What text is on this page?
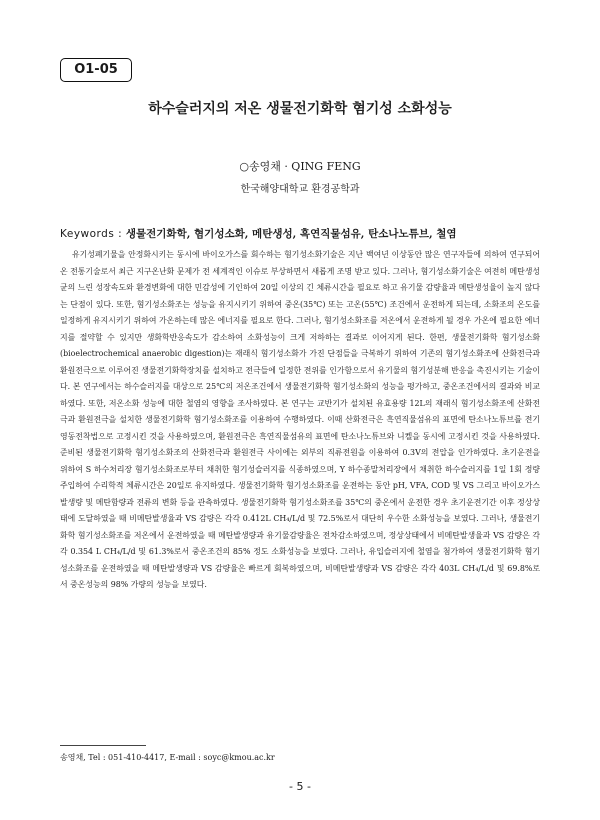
O1-05
하수슬러지의 저온 생물전기화학 혐기성 소화성능
○송영채 · QING FENG
한국해양대학교 환경공학과
Keywords : 생물전기화학, 혐기성소화, 메탄생성, 흑연직물섬유, 탄소나노튜브, 철염

유기성폐기물을 안정화시키는 동시에 바이오가스를 회수하는 혐기성소화기술은 지난 백여년 이상동안 많은 연구자들에 의하여 연구되어 온 전통기술로서 최근 지구온난화 문제가 전 세계적인 이슈로 부상하면서 새롭게 조명 받고 있다. 그러나, 혐기성소화기술은 여전히 메탄생성균의 느린 성장속도와 환경변화에 대한 민감성에 기인하여 20일 이상의 긴 체류시간을 필요로 하고 유기물 감량율과 메탄생성율이 높지 않다는 단점이 있다. 또한, 혐기성소화조는 성능을 유지시키기 위하여 중온(35℃) 또는 고온(55℃) 조건에서 운전하게 되는데, 소화조의 온도를 일정하게 유지시키기 위하여 가온하는데 많은 에너지를 필요로 한다. 그러나, 혐기성소화조를 저온에서 운전하게 될 경우 가온에 필요한 에너지를 절약할 수 있지만 생화학반응속도가 감소하여 소화성능이 크게 저하하는 결과로 이어지게 된다. 한편, 생물전기화학 혐기성소화(bioelectrochemical anaerobic digestion)는 재래식 혐기성소화가 가진 단점들을 극복하기 위하여 기존의 혐기성소화조에 산화전극과 환원전극으로 이루어진 생물전기화학장치를 설치하고 전극들에 일정한 전위를 인가함으로서 유기물의 혐기성분해 반응을 촉진시키는 기술이다. 본 연구에서는 하수슬러지를 대상으로 25℃의 저온조건에서 생물전기화학 혐기성소화의 성능을 평가하고, 중온조건에서의 결과와 비교하였다. 또한, 저온소화 성능에 대한 철염의 영향을 조사하였다. 본 연구는 교반기가 설치된 유효용량 12L의 재래식 혐기성소화조에 산화전극과 환원전극을 설치한 생물전기화학 혐기성소화조를 이용하여 수행하였다. 이때 산화전극은 흑연직물섬유의 표면에 탄소나노튜브를 전기영동전착법으로 고정시킨 것을 사용하였으며, 환원전극은 흑연직물섬유의 표면에 탄소나노튜브와 니켈을 동시에 고정시킨 것을 사용하였다. 준비된 생물전기화학 혐기성소화조의 산화전극과 환원전극 사이에는 외부의 직류전원을 이용하여 0.3V의 전압을 인가하였다. 초기운전을 위하여 S 하수처리장 혐기성소화조로부터 채취한 혐기성슬러지를 식종하였으며, Y 하수종말처리장에서 채취한 하수슬러지를 1일 1회 정량 주입하여 수리학적 체류시간은 20일로 유지하였다. 생물전기화학 혐기성소화조를 운전하는 동안 pH, VFA, COD 및 VS 그리고 바이오가스발생량 및 메탄함량과 전류의 변화 등을 관측하였다. 생물전기화학 혐기성소화조를 35℃의 중온에서 운전한 경우 초기운전기간 이후 정상상태에 도달하였을 때 비메탄발생율과 VS 감량은 각각 0.412L CH₄/L/d 및 72.5%로서 대단히 우수한 소화성능을 보였다. 그러나, 생물전기화학 혐기성소화조를 저온에서 운전하였을 때 메탄발생량과 유기물감량율은 전차감소하였으며, 정상상태에서 비메탄발생율과 VS 감량은 각각 0.354 L CH₄/L/d 및 61.3%로서 중온조건의 85% 정도 소화성능을 보였다. 그러나, 유입슬러지에 철염을 첨가하여 생물전기화학 혐기성소화조를 운전하였을 때 메탄발생량과 VS 감량율은 빠르게 회복하였으며, 비메탄발생량과 VS 감량은 각각 403L CH₄/L/d 및 69.8%로서 중온성능의 98% 가량의 성능을 보였다.

송영채, Tel : 051-410-4417, E-mail : soyc@kmou.ac.kr
- 5 -
